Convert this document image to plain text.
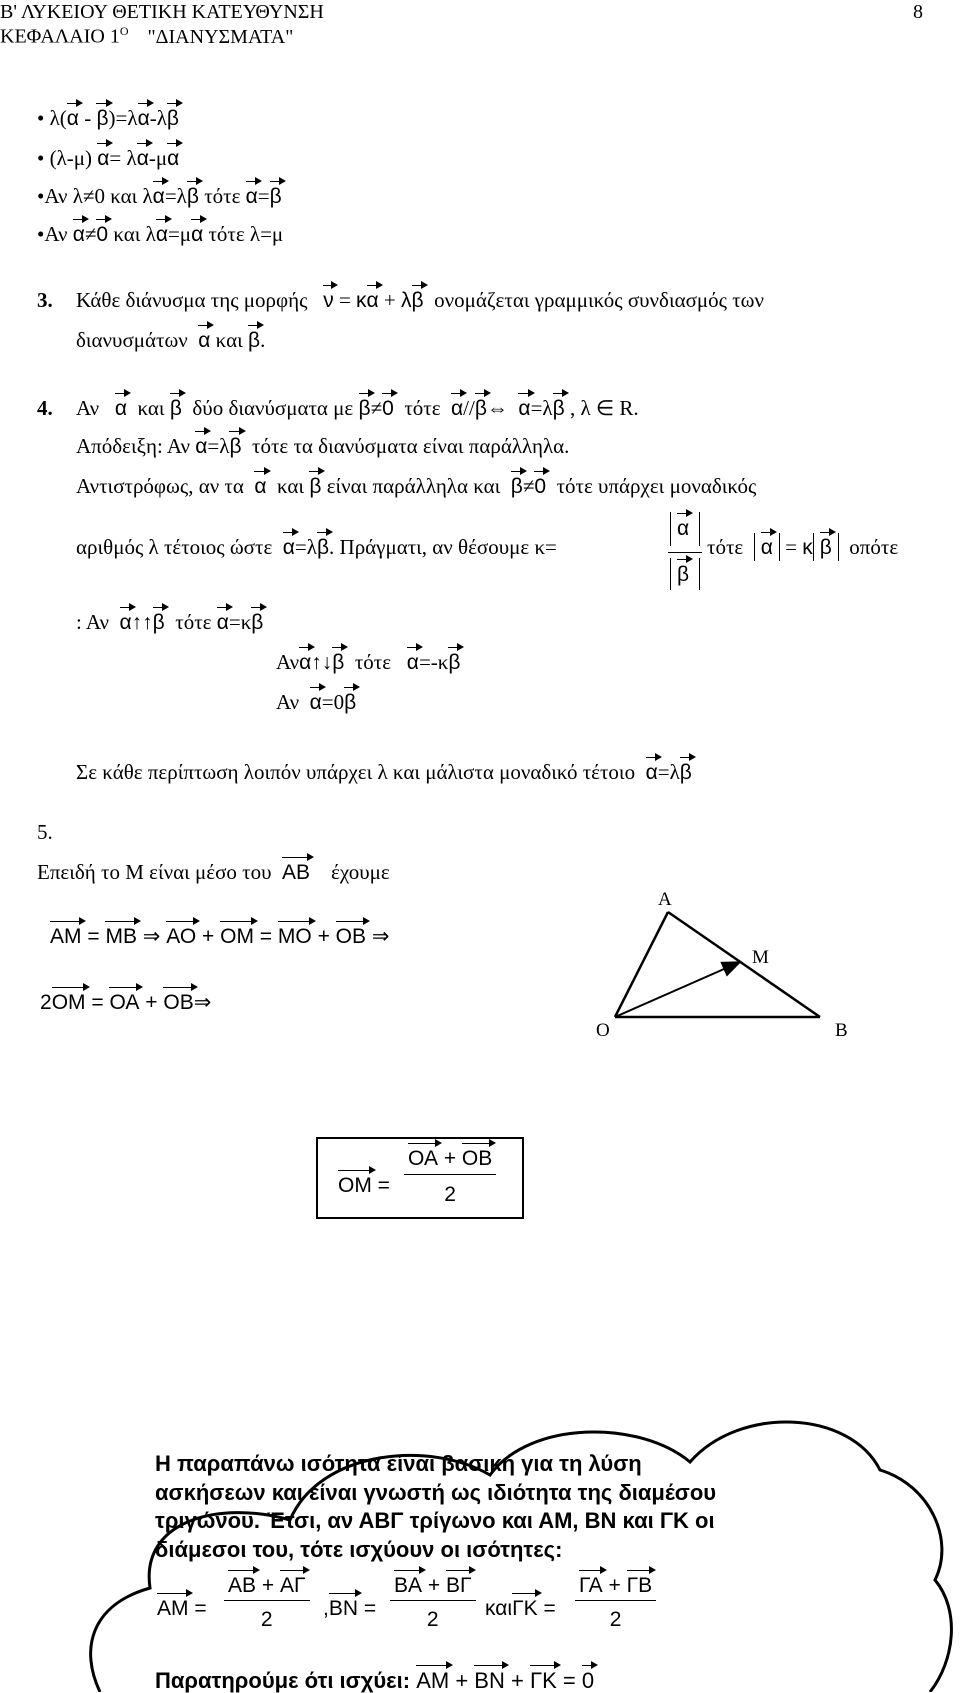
Β' ΛΥΚΕΙΟΥ ΘΕΤΙΚΗ ΚΑΤΕΥΘΥΝΣΗ
ΚΕΦΑΛΑΙΟ $1^O$ "ΔΙΑΝΥΣΜΑΤΑ"
8
• λ(α - β)=λα-λβ
• (λ-μ) α= λα-μα
•Αν λ≠0 και λα=λβ τότε α=β
•Αν α≠0 και λα=μα τότε λ=μ
3. Κάθε διάνυσμα της μορφής ν = κα + λβ ονομάζεται γραμμικός συνδιασμός των
διανυσμάτων α και β.
4. Αν α και β δύο διανύσματα με β≠0 τότε α//β⇔ α=λβ , λ ∈ R.
Απόδειξη: Αν α=λβ τότε τα διανύσματα είναι παράλληλα.
Αντιστρόφως, αν τα α και β είναι παράλληλα και β≠0 τότε υπάρχει μοναδικός
αριθμός λ τέτοιος ώστε α=λβ. Πράγματι, αν θέσουμε κ=
α
β
τότε α = κ β οπότε
: Αν α↑↑β τότε α=κβ
Ανα↑↓β τότε α=-κβ
Αν α=0β
Σε κάθε περίπτωση λοιπόν υπάρχει λ και μάλιστα μοναδικό τέτοιο α=λβ
5.
Επειδή το Μ είναι μέσο του ΑΒ έχουμε
ΑΜ = ΜΒ ⇒ ΑΟ + ΟΜ = ΜΟ + ΟΒ ⇒
2ΟΜ = ΟΑ + ΟΒ⇒
Α
Μ
Ο	Β
ΟΜ =
ΟΑ + ΟΒ
2
Η παραπάνω ισότητα είναι βασική για τη λύση ασκήσεων και είναι γνωστή ως ιδιότητα της διαμέσου τριγώνου. Έτσι, αν ΑΒΓ τρίγωνο και ΑΜ, ΒΝ και ΓΚ οι διάμεσοι του, τότε ισχύουν οι ισότητες:
ΑΜ =
ΑΒ + ΑΓ
2	,ΒΝ =
ΒΑ + ΒΓ
2	καιΓΚ =
ΓΑ + ΓΒ
2
Παρατηρούμε ότι ισχύει: ΑΜ + ΒΝ + ΓΚ = 0
